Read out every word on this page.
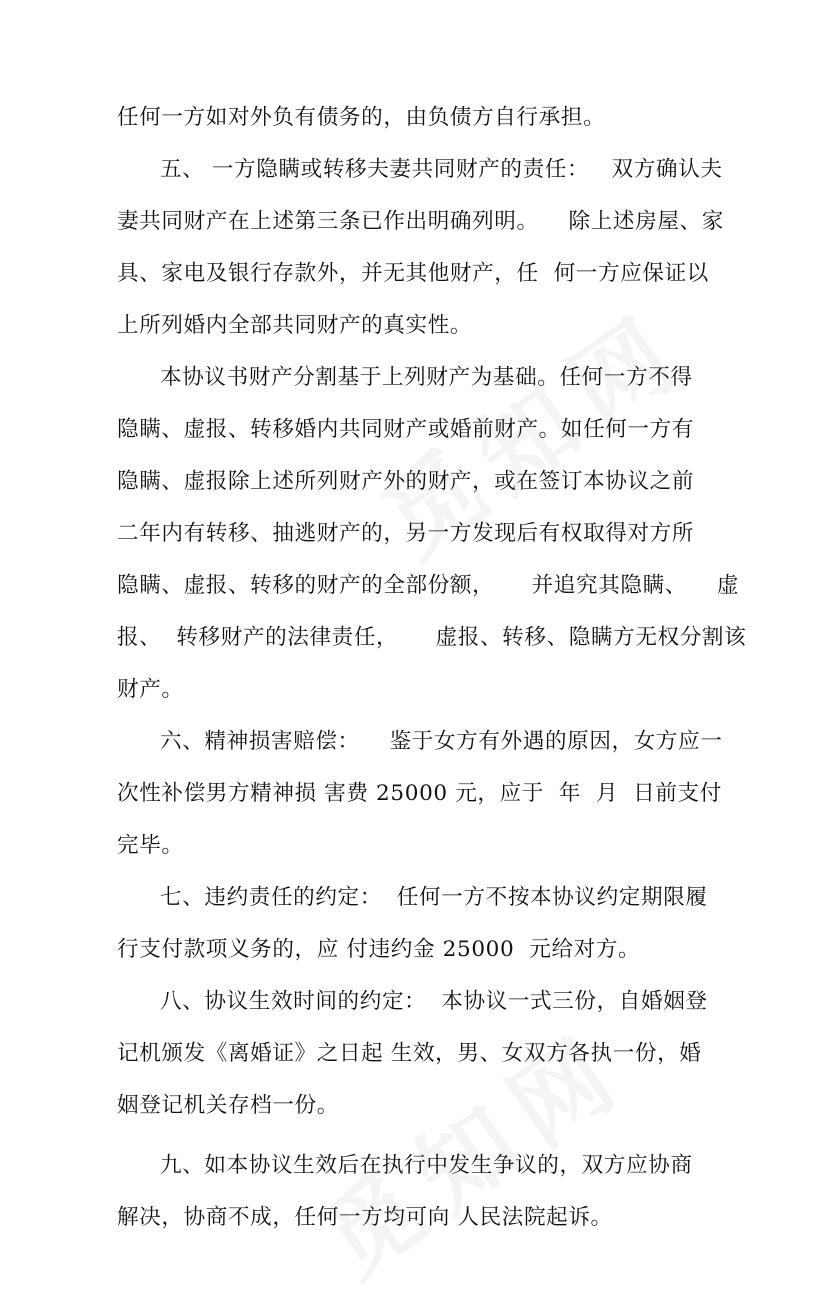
任何一方如对外负有债务的，由负债方自行承担。
五、 一方隐瞒或转移夫妻共同财产的责任：   双方确认夫
妻共同财产在上述第三条已作出明确列明。    除上述房屋、家
具、家电及银行存款外，并无其他财产，任  何一方应保证以
上所列婚内全部共同财产的真实性。
本协议书财产分割基于上列财产为基础。任何一方不得
隐瞒、虚报、转移婚内共同财产或婚前财产。如任何一方有
隐瞒、虚报除上述所列财产外的财产，或在签订本协议之前
二年内有转移、抽逃财产的，另一方发现后有权取得对方所
隐瞒、虚报、转移的财产的全部份额，     并追究其隐瞒、    虚
报、  转移财产的法律责任，     虚报、转移、隐瞒方无权分割该
财产。
六、精神损害赔偿：    鉴于女方有外遇的原因，女方应一
次性补偿男方精神损 害费 25000 元，应于  年  月  日前支付
完毕。
七、违约责任的约定：  任何一方不按本协议约定期限履
行支付款项义务的，应 付违约金 25000  元给对方。
八、协议生效时间的约定：  本协议一式三份，自婚姻登
记机颁发《离婚证》之日起 生效，男、女双方各执一份，婚
姻登记机关存档一份。
九、如本协议生效后在执行中发生争议的，双方应协商
解决，协商不成，任何一方均可向 人民法院起诉。
